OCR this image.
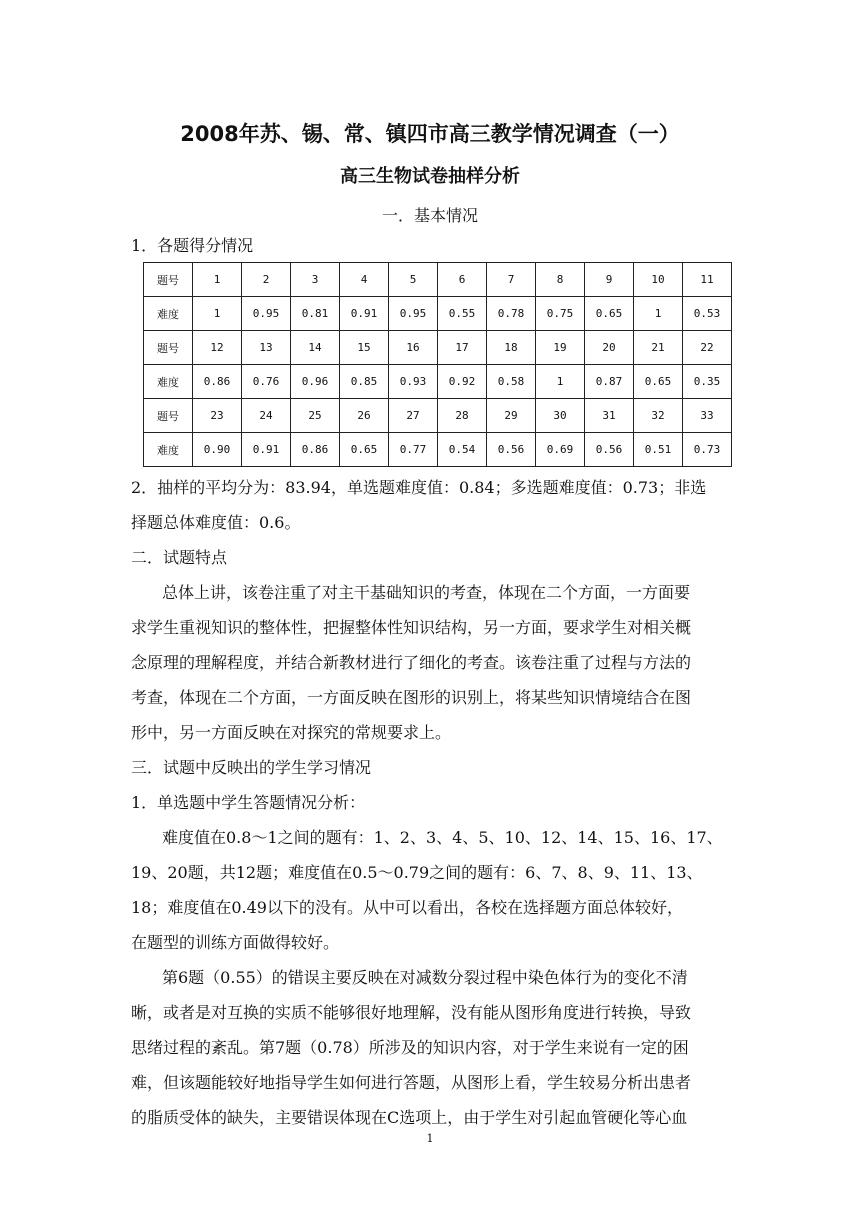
2008年苏、锡、常、镇四市高三教学情况调查（一）
高三生物试卷抽样分析
一．基本情况
1．各题得分情况
题号	1	2	3	4	5	6	7	8	9	10	11
难度	1	0.95	0.81	0.91	0.95	0.55	0.78	0.75	0.65	1	0.53
题号	12	13	14	15	16	17	18	19	20	21	22
难度	0.86	0.76	0.96	0.85	0.93	0.92	0.58	1	0.87	0.65	0.35
题号	23	24	25	26	27	28	29	30	31	32	33
难度	0.90	0.91	0.86	0.65	0.77	0.54	0.56	0.69	0.56	0.51	0.73
2．抽样的平均分为：83.94，单选题难度值：0.84；多选题难度值：0.73；非选
择题总体难度值：0.6。
二．试题特点
总体上讲，该卷注重了对主干基础知识的考查，体现在二个方面，一方面要
求学生重视知识的整体性，把握整体性知识结构，另一方面，要求学生对相关概
念原理的理解程度，并结合新教材进行了细化的考查。该卷注重了过程与方法的
考查，体现在二个方面，一方面反映在图形的识别上，将某些知识情境结合在图
形中，另一方面反映在对探究的常规要求上。
三．试题中反映出的学生学习情况
1．单选题中学生答题情况分析：
难度值在0.8～1之间的题有：1、2、3、4、5、10、12、14、15、16、17、
19、20题，共12题；难度值在0.5～0.79之间的题有：6、7、8、9、11、13、
18；难度值在0.49以下的没有。从中可以看出，各校在选择题方面总体较好，
在题型的训练方面做得较好。
第6题（0.55）的错误主要反映在对减数分裂过程中染色体行为的变化不清
晰，或者是对互换的实质不能够很好地理解，没有能从图形角度进行转换，导致
思绪过程的紊乱。第7题（0.78）所涉及的知识内容，对于学生来说有一定的困
难，但该题能较好地指导学生如何进行答题，从图形上看，学生较易分析出患者
的脂质受体的缺失，主要错误体现在C选项上，由于学生对引起血管硬化等心血
1
